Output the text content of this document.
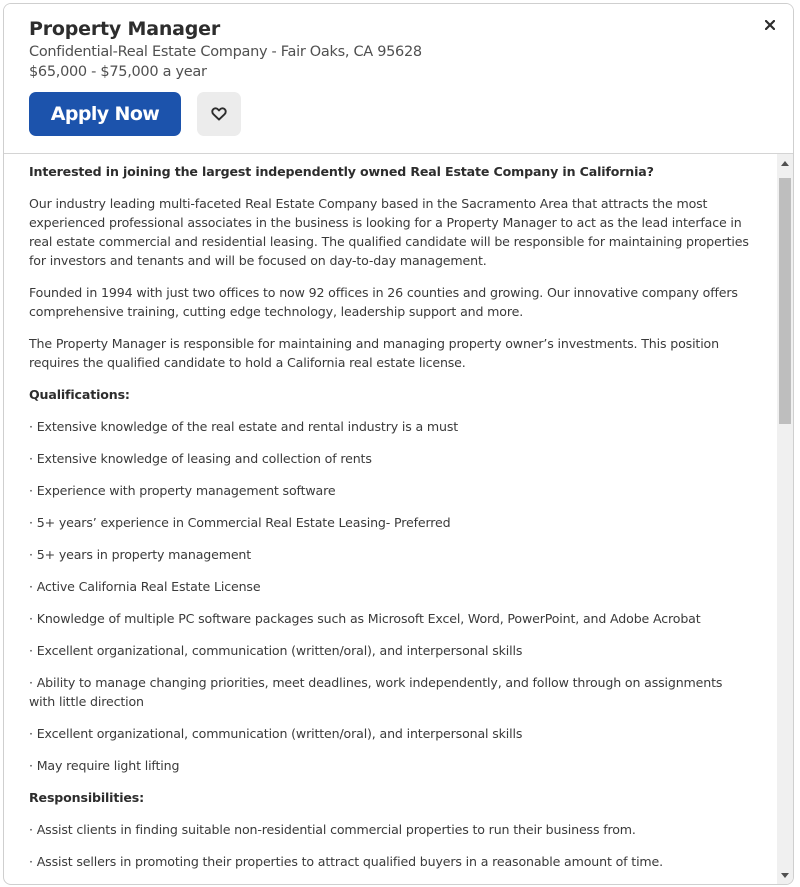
Property Manager
Confidential-Real Estate Company - Fair Oaks, CA 95628
$65,000 - $75,000 a year
Apply Now

Interested in joining the largest independently owned Real Estate Company in California?

Our industry leading multi-faceted Real Estate Company based in the Sacramento Area that attracts the most experienced professional associates in the business is looking for a Property Manager to act as the lead interface in real estate commercial and residential leasing. The qualified candidate will be responsible for maintaining properties for investors and tenants and will be focused on day-to-day management.

Founded in 1994 with just two offices to now 92 offices in 26 counties and growing. Our innovative company offers comprehensive training, cutting edge technology, leadership support and more.

The Property Manager is responsible for maintaining and managing property owner’s investments. This position requires the qualified candidate to hold a California real estate license.

Qualifications:

· Extensive knowledge of the real estate and rental industry is a must

· Extensive knowledge of leasing and collection of rents

· Experience with property management software

· 5+ years’ experience in Commercial Real Estate Leasing- Preferred

· 5+ years in property management

· Active California Real Estate License

· Knowledge of multiple PC software packages such as Microsoft Excel, Word, PowerPoint, and Adobe Acrobat

· Excellent organizational, communication (written/oral), and interpersonal skills

· Ability to manage changing priorities, meet deadlines, work independently, and follow through on assignments with little direction

· Excellent organizational, communication (written/oral), and interpersonal skills

· May require light lifting

Responsibilities:

· Assist clients in finding suitable non-residential commercial properties to run their business from.

· Assist sellers in promoting their properties to attract qualified buyers in a reasonable amount of time.
